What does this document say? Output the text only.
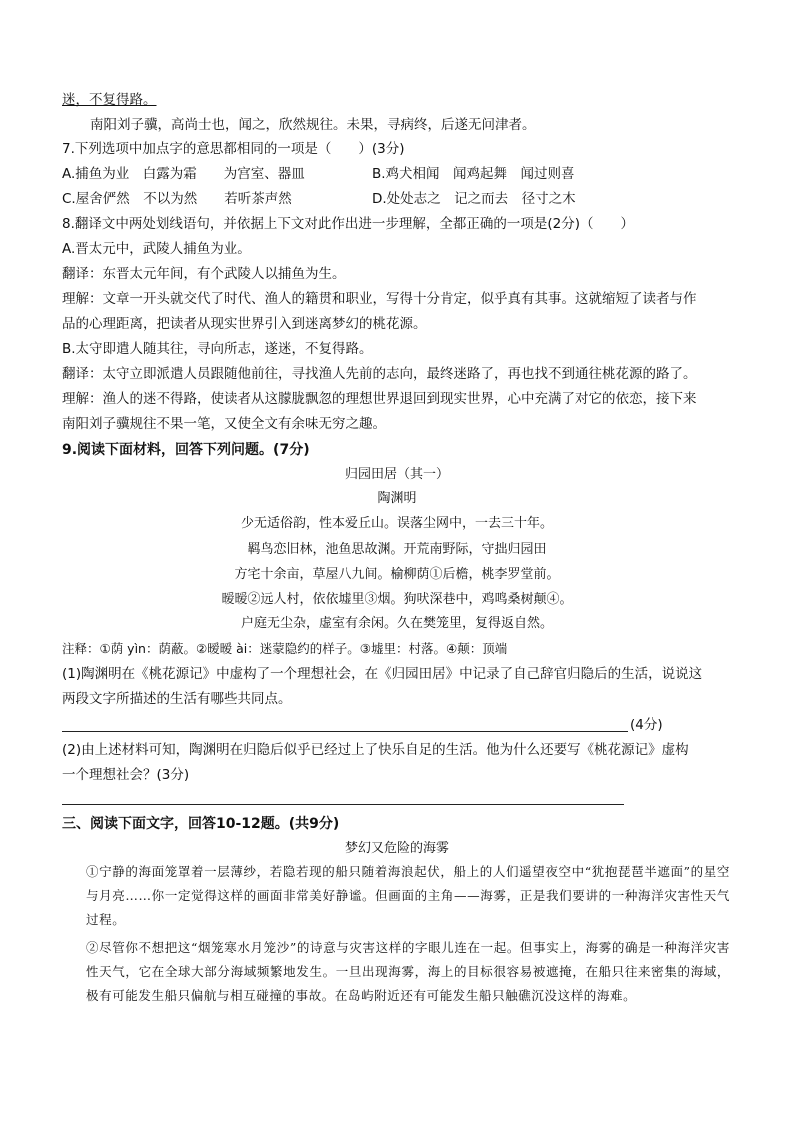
迷，不复得路。
南阳刘子骥，高尚士也，闻之，欣然规往。未果，寻病终，后遂无问津者。
7.下列选项中加点字的意思都相同的一项是（　　）(3分)
A.捕鱼为业　白露为霜　　为宫室、器皿	B.鸡犬相闻　闻鸡起舞　闻过则喜
C.屋舍俨然　不以为然　　若听茶声然	D.处处志之　记之而去　径寸之木
8.翻译文中两处划线语句，并依据上下文对此作出进一步理解，全都正确的一项是(2分)（　　）
A.晋太元中，武陵人捕鱼为业。
翻译：东晋太元年间，有个武陵人以捕鱼为生。
理解：文章一开头就交代了时代、渔人的籍贯和职业，写得十分肯定，似乎真有其事。这就缩短了读者与作
品的心理距离，把读者从现实世界引入到迷离梦幻的桃花源。
B.太守即遣人随其往，寻向所志，遂迷，不复得路。
翻译：太守立即派遣人员跟随他前往，寻找渔人先前的志向，最终迷路了，再也找不到通往桃花源的路了。
理解：渔人的迷不得路，使读者从这朦胧飘忽的理想世界退回到现实世界，心中充满了对它的依恋，接下来
南阳刘子骥规往不果一笔，又使全文有余味无穷之趣。
9.阅读下面材料，回答下列问题。(7分)
归园田居（其一）
陶渊明
少无适俗韵，性本爱丘山。误落尘网中，一去三十年。
羁鸟恋旧林，池鱼思故渊。开荒南野际，守拙归园田
方宅十余亩，草屋八九间。榆柳荫①后檐，桃李罗堂前。
暧暧②远人村，依依墟里③烟。狗吠深巷中，鸡鸣桑树颠④。
户庭无尘杂，虚室有余闲。久在樊笼里，复得返自然。
注释：①荫 yìn：荫蔽。②暧暧 ài：迷蒙隐约的样子。③墟里：村落。④颠：顶端
(1)陶渊明在《桃花源记》中虚构了一个理想社会，在《归园田居》中记录了自己辞官归隐后的生活，说说这
两段文字所描述的生活有哪些共同点。
(4分)
(2)由上述材料可知，陶渊明在归隐后似乎已经过上了快乐自足的生活。他为什么还要写《桃花源记》虚构
一个理想社会？(3分)
三、阅读下面文字，回答10-12题。(共9分)
梦幻又危险的海雾
①宁静的海面笼罩着一层薄纱，若隐若现的船只随着海浪起伏，船上的人们遥望夜空中“犹抱琵琶半遮面”的星空与月亮……你一定觉得这样的画面非常美好静谧。但画面的主角——海雾，正是我们要讲的一种海洋灾害性天气过程。
②尽管你不想把这“烟笼寒水月笼沙”的诗意与灾害这样的字眼儿连在一起。但事实上，海雾的确是一种海洋灾害性天气，它在全球大部分海域频繁地发生。一旦出现海雾，海上的目标很容易被遮掩，在船只往来密集的海域，极有可能发生船只偏航与相互碰撞的事故。在岛屿附近还有可能发生船只触礁沉没这样的海难。
